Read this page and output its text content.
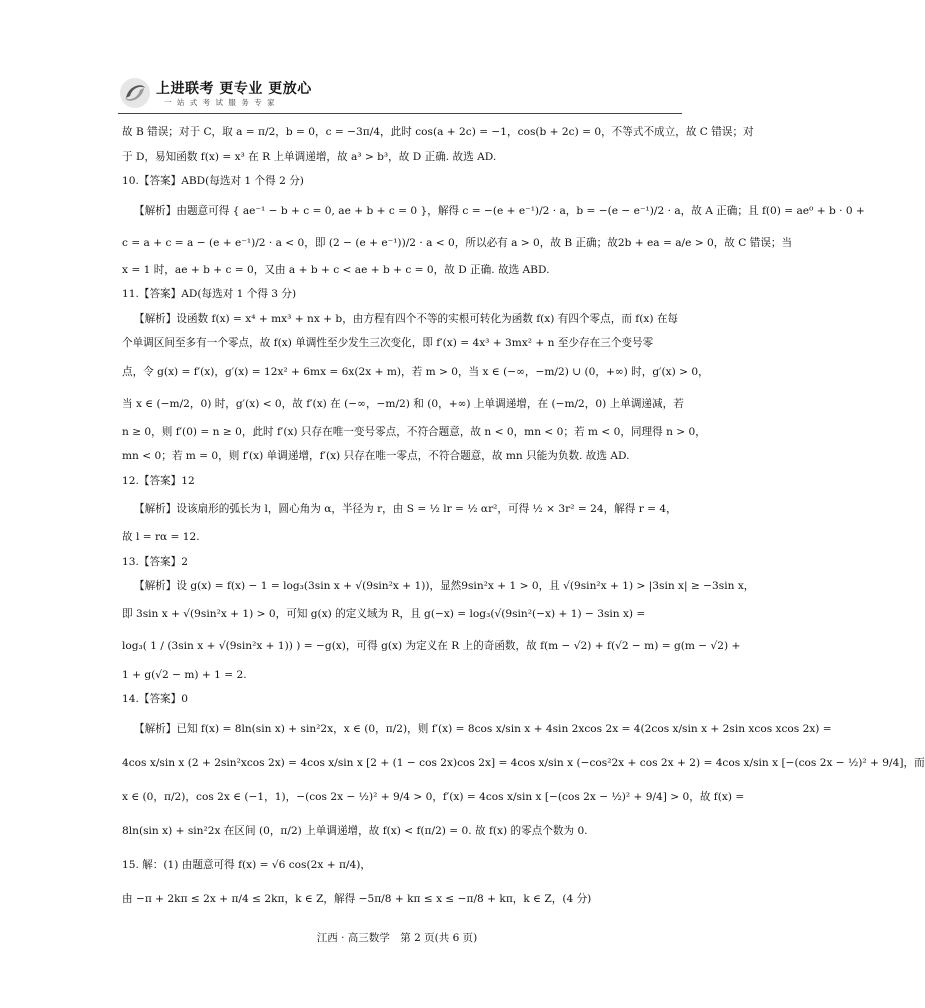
上进联考 更专业 更放心
一 站 式 考 试 服 务 专 家
故 B 错误；对于 C，取 a = π/2，b = 0，c = −3π/4，此时 cos(a + 2c) = −1，cos(b + 2c) = 0，不等式不成立，故 C 错误；对
于 D，易知函数 f(x) = x³ 在 R 上单调递增，故 a³ > b³，故 D 正确. 故选 AD.
10.【答案】ABD(每选对 1 个得 2 分)
【解析】由题意可得 { ae⁻¹ − b + c = 0, ae + b + c = 0 }，解得 c = −(e + e⁻¹)/2 · a，b = −(e − e⁻¹)/2 · a，故 A 正确；且 f(0) = ae⁰ + b · 0 +
c = a + c = a − (e + e⁻¹)/2 · a < 0，即 (2 − (e + e⁻¹))/2 · a < 0，所以必有 a > 0，故 B 正确；故2b + ea = a/e > 0，故 C 错误；当
x = 1 时，ae + b + c = 0，又由 a + b + c < ae + b + c = 0，故 D 正确. 故选 ABD.
11.【答案】AD(每选对 1 个得 3 分)
【解析】设函数 f(x) = x⁴ + mx³ + nx + b，由方程有四个不等的实根可转化为函数 f(x) 有四个零点，而 f(x) 在每
个单调区间至多有一个零点，故 f(x) 单调性至少发生三次变化，即 f′(x) = 4x³ + 3mx² + n 至少存在三个变号零
点，令 g(x) = f′(x)，g′(x) = 12x² + 6mx = 6x(2x + m)，若 m > 0，当 x ∈ (−∞，−m/2) ∪ (0，+∞) 时，g′(x) > 0，
当 x ∈ (−m/2，0) 时，g′(x) < 0，故 f′(x) 在 (−∞，−m/2) 和 (0，+∞) 上单调递增，在 (−m/2，0) 上单调递减，若
n ≥ 0，则 f′(0) = n ≥ 0，此时 f′(x) 只存在唯一变号零点，不符合题意，故 n < 0，mn < 0；若 m < 0，同理得 n > 0，
mn < 0；若 m = 0，则 f′(x) 单调递增，f′(x) 只存在唯一零点，不符合题意，故 mn 只能为负数. 故选 AD.
12.【答案】12
【解析】设该扇形的弧长为 l，圆心角为 α，半径为 r，由 S = ½ lr = ½ αr²，可得 ½ × 3r² = 24，解得 r = 4，
故 l = rα = 12.
13.【答案】2
【解析】设 g(x) = f(x) − 1 = log₃(3sin x + √(9sin²x + 1))，显然9sin²x + 1 > 0，且 √(9sin²x + 1) > |3sin x| ≥ −3sin x，
即 3sin x + √(9sin²x + 1) > 0，可知 g(x) 的定义域为 R，且 g(−x) = log₃(√(9sin²(−x) + 1) − 3sin x) =
log₃( 1 / (3sin x + √(9sin²x + 1)) ) = −g(x)，可得 g(x) 为定义在 R 上的奇函数，故 f(m − √2) + f(√2 − m) = g(m − √2) +
1 + g(√2 − m) + 1 = 2.
14.【答案】0
【解析】已知 f(x) = 8ln(sin x) + sin²2x，x ∈ (0，π/2)，则 f′(x) = 8cos x/sin x + 4sin 2xcos 2x = 4(2cos x/sin x + 2sin xcos xcos 2x) =
4cos x/sin x (2 + 2sin²xcos 2x) = 4cos x/sin x [2 + (1 − cos 2x)cos 2x] = 4cos x/sin x (−cos²2x + cos 2x + 2) = 4cos x/sin x [−(cos 2x − ½)² + 9/4]，而
x ∈ (0，π/2)，cos 2x ∈ (−1，1)，−(cos 2x − ½)² + 9/4 > 0，f′(x) = 4cos x/sin x [−(cos 2x − ½)² + 9/4] > 0，故 f(x) =
8ln(sin x) + sin²2x 在区间 (0，π/2) 上单调递增，故 f(x) < f(π/2) = 0. 故 f(x) 的零点个数为 0.
15. 解：(1) 由题意可得 f(x) = √6 cos(2x + π/4)，
由 −π + 2kπ ≤ 2x + π/4 ≤ 2kπ，k ∈ Z，解得 −5π/8 + kπ ≤ x ≤ −π/8 + kπ，k ∈ Z，(4 分)
江西 · 高三数学　第 2 页(共 6 页)
